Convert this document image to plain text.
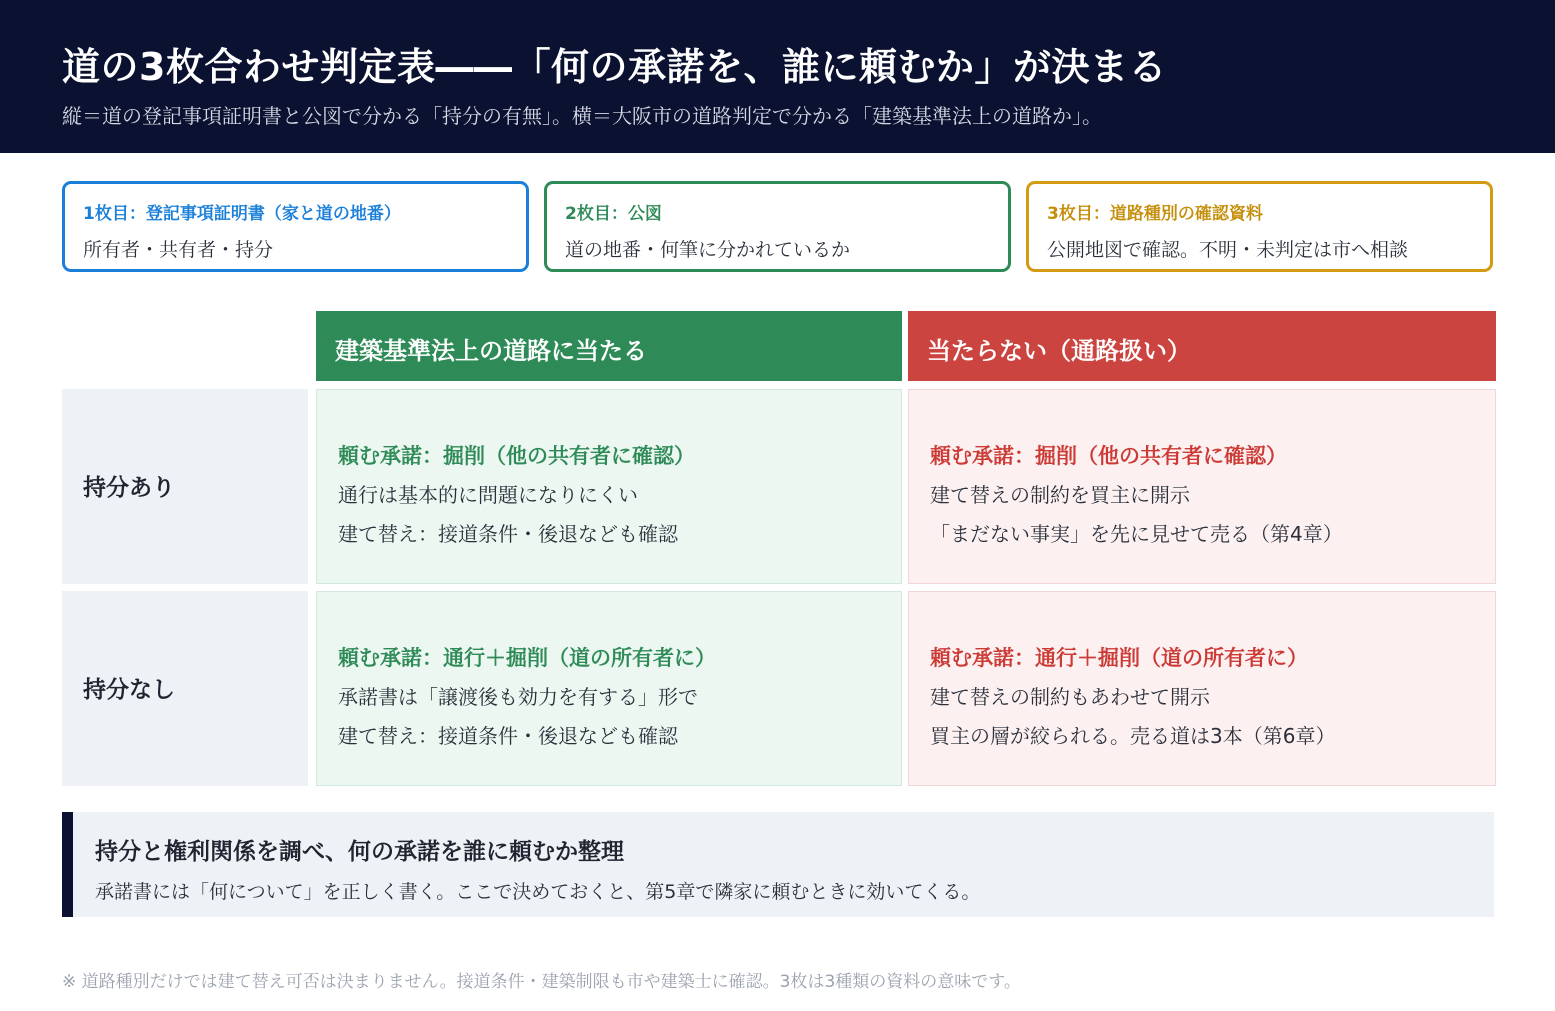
道の3枚合わせ判定表――「何の承諾を、誰に頼むか」が決まる
縦＝道の登記事項証明書と公図で分かる「持分の有無」。横＝大阪市の道路判定で分かる「建築基準法上の道路か」。
1枚目：登記事項証明書（家と道の地番）
所有者・共有者・持分
2枚目：公図
道の地番・何筆に分かれているか
3枚目：道路種別の確認資料
公開地図で確認。不明・未判定は市へ相談
建築基準法上の道路に当たる	当たらない（通路扱い）
持分あり
持分なし
頼む承諾：掘削（他の共有者に確認）
通行は基本的に問題になりにくい
建て替え：接道条件・後退なども確認
頼む承諾：掘削（他の共有者に確認）
建て替えの制約を買主に開示
「まだない事実」を先に見せて売る（第4章）
頼む承諾：通行＋掘削（道の所有者に）
承諾書は「譲渡後も効力を有する」形で
建て替え：接道条件・後退なども確認
頼む承諾：通行＋掘削（道の所有者に）
建て替えの制約もあわせて開示
買主の層が絞られる。売る道は3本（第6章）
持分と権利関係を調べ、何の承諾を誰に頼むか整理
承諾書には「何について」を正しく書く。ここで決めておくと、第5章で隣家に頼むときに効いてくる。
※ 道路種別だけでは建て替え可否は決まりません。接道条件・建築制限も市や建築士に確認。3枚は3種類の資料の意味です。
